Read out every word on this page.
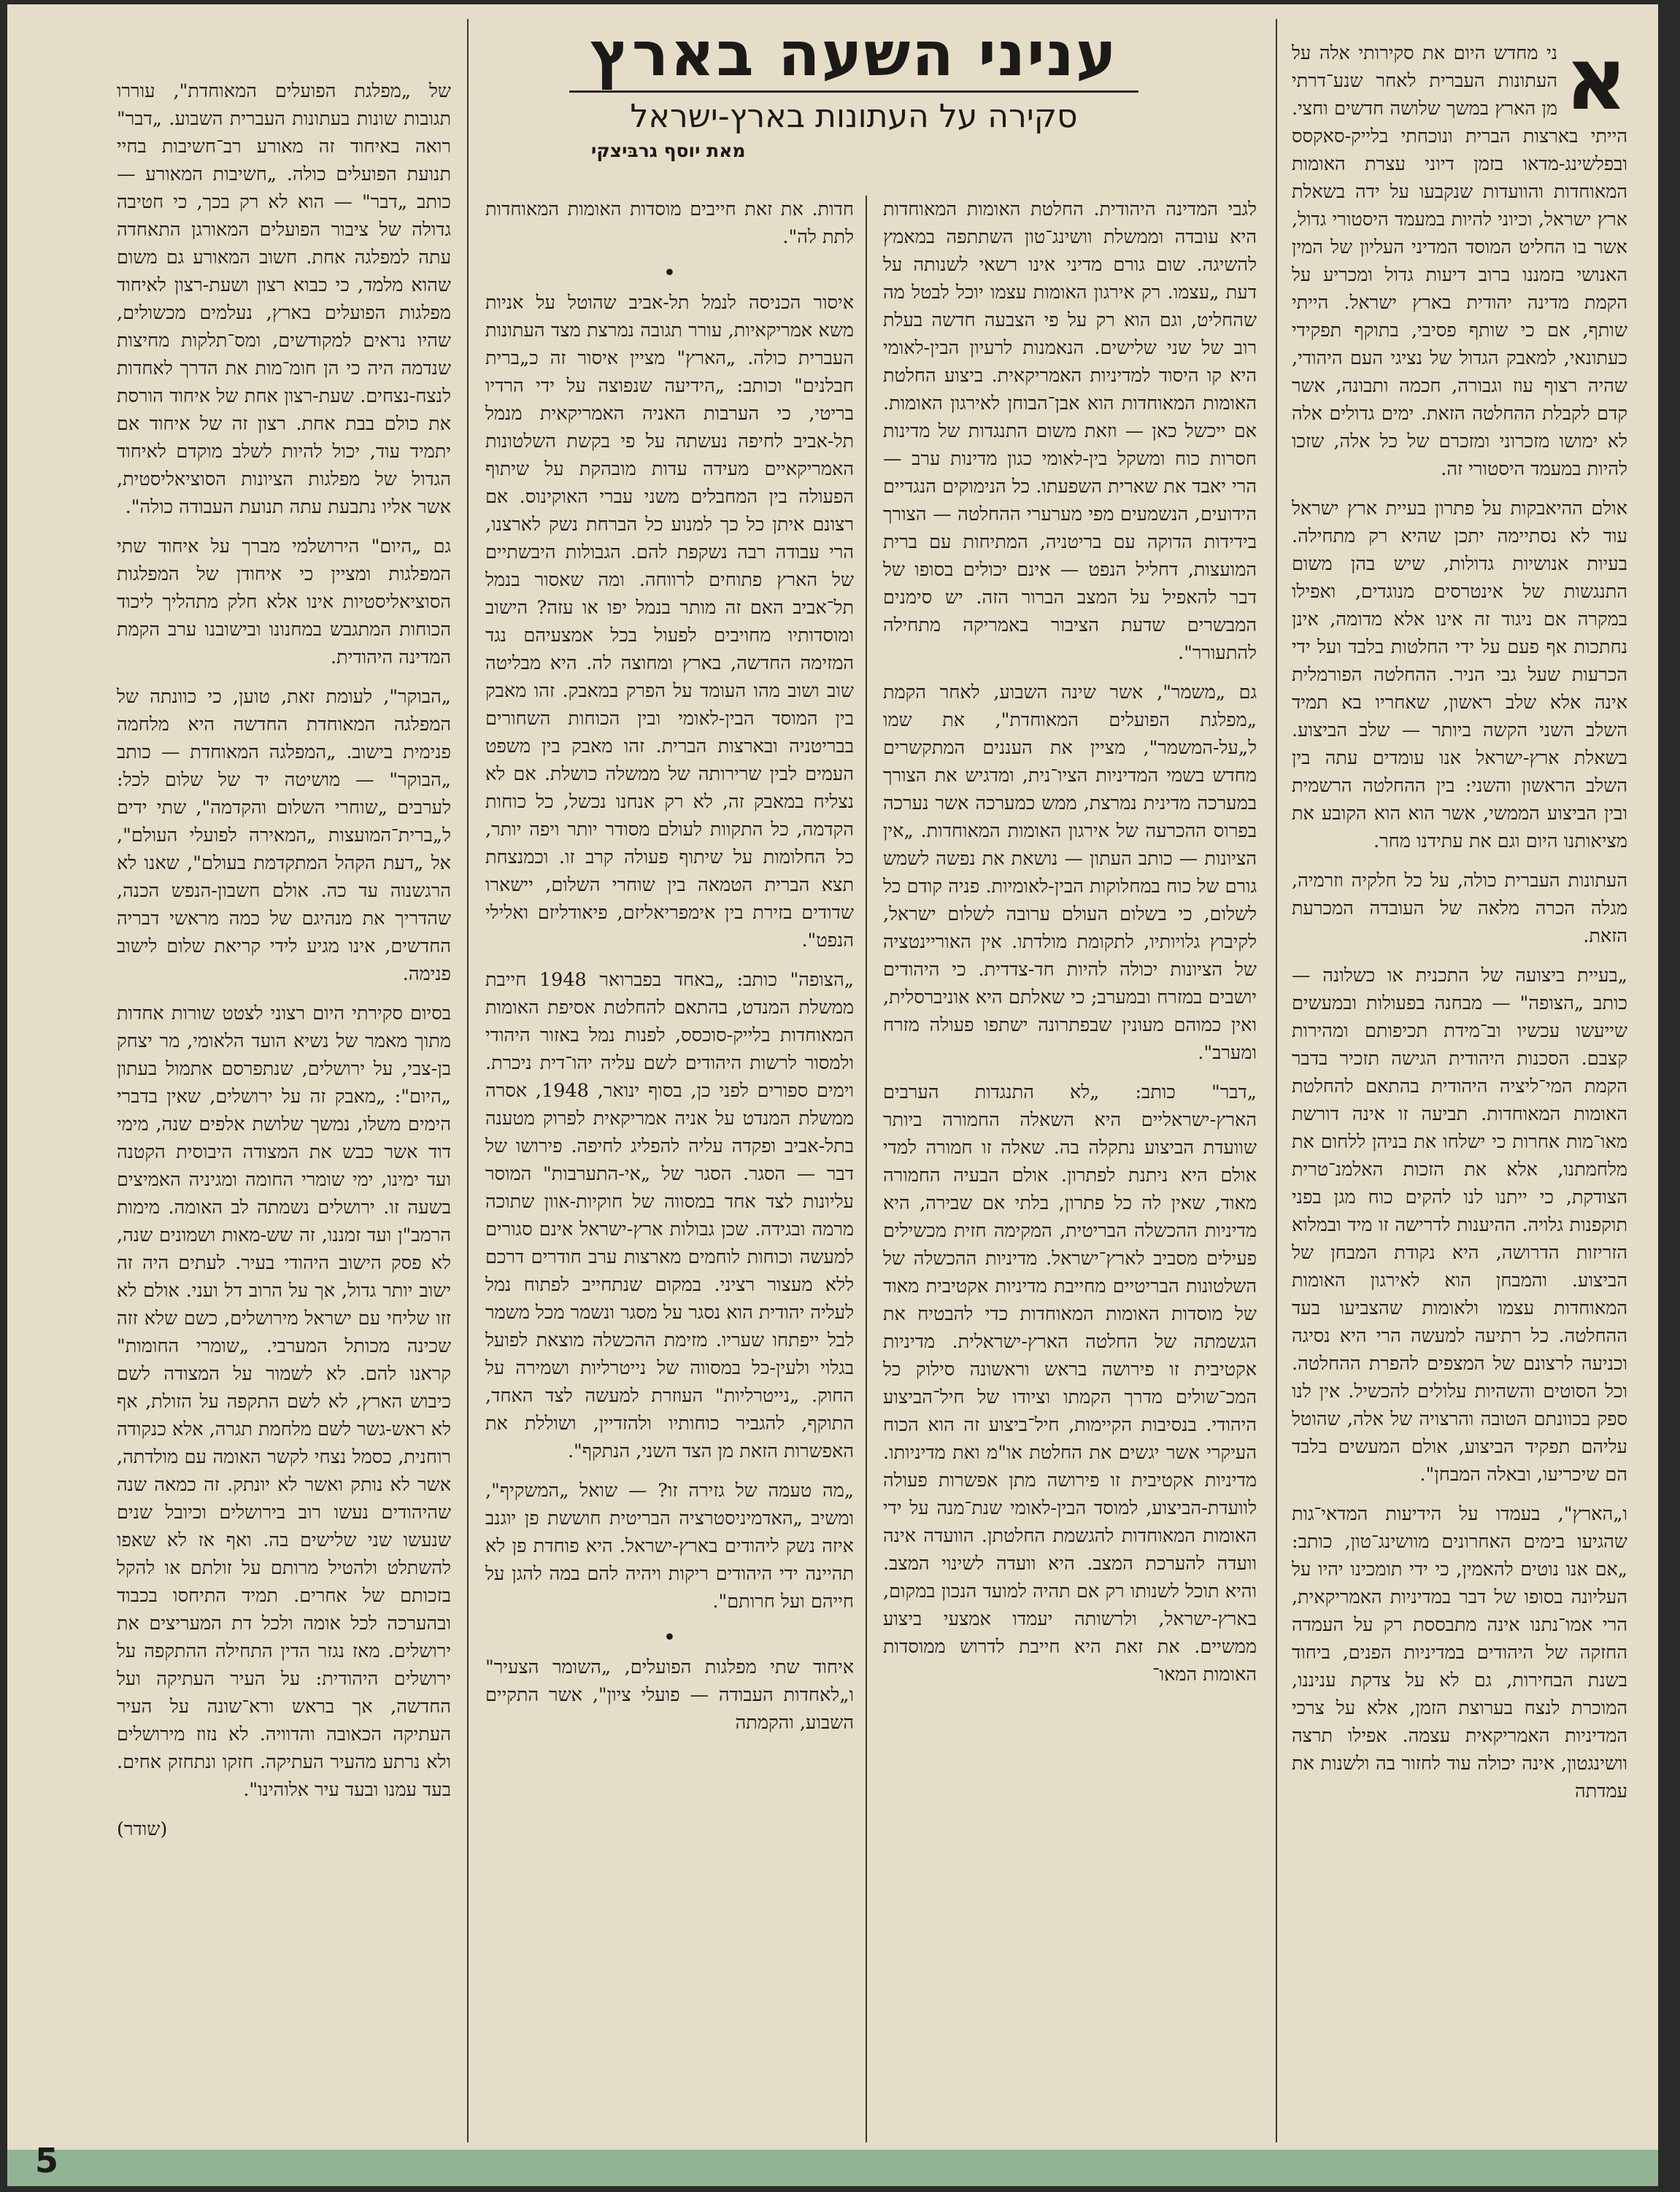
א

ני מחדש היום את סקירותי אלה על העתונות העברית לאחר שנע־דרתי מן הארץ במשך שלושה חדשים וחצי. הייתי בארצות הברית ונוכחתי בלייק-סאקסס ובפלשינג-מדאו בזמן דיוני עצרת האומות המאוחדות והוועדות שנקבעו על ידה בשאלת ארץ ישראל, וכיוני להיות במעמד היסטורי גדול, אשר בו החליט המוסד המדיני העליון של המין האנושי בזמננו ברוב דיעות גדול ומכריע על הקמת מדינה יהודית בארץ ישראל. הייתי שותף, אם כי שותף פסיבי, בתוקף תפקידי כעתונאי, למאבק הגדול של נציגי העם היהודי, שהיה רצוף עוז וגבורה, חכמה ותבונה, אשר קדם לקבלת ההחלטה הזאת. ימים גדולים אלה לא ימושו מזכרוני ומזכרם של כל אלה, שזכו להיות במעמד היסטורי זה.

אולם ההיאבקות על פתרון בעיית ארץ ישראל עוד לא נסתיימה יתכן שהיא רק מתחילה. בעיות אנושיות גדולות, שיש בהן משום התנגשות של אינטרסים מנוגדים, ואפילו במקרה אם ניגוד זה אינו אלא מדומה, אינן נחתכות אף פעם על ידי החלטות בלבד ועל ידי הכרעות שעל גבי הניר. ההחלטה הפורמלית אינה אלא שלב ראשון, שאחריו בא תמיד השלב השני הקשה ביותר — שלב הביצוע. בשאלת ארץ-ישראל אנו עומדים עתה בין השלב הראשון והשני: בין ההחלטה הרשמית ובין הביצוע הממשי, אשר הוא הוא הקובע את מציאותנו היום וגם את עתידנו מחר.

העתונות העברית כולה, על כל חלקיה וזרמיה, מגלה הכרה מלאה של העובדה המכרעת הזאת.

„בעיית ביצועה של התכנית או כשלונה — כותב „הצופה" — מבחנה בפעולות ובמעשים שייעשו עכשיו וב־מידת תכיפותם ומהירות קצבם. הסכנות היהודית הגישה תזכיר בדבר הקמת המי־ליציה היהודית בהתאם להחלטת האומות המאוחדות. תביעה זו אינה דורשת מאו־מות אחרות כי ישלחו את בניהן ללחום את מלחמתנו, אלא את הזכות האלמנ־טרית הצודקת, כי ייתנו לנו להקים כוח מגן בפני תוקפנות גלויה. ההיענות לדרישה זו מיד ובמלוא הזריזות הדרושה, היא נקודת המבחן של הביצוע. והמבחן הוא לאירגון האומות המאוחדות עצמו ולאומות שהצביעו בעד ההחלטה. כל רתיעה למעשה הרי היא נסיגה וכניעה לרצונם של המצפים להפרת ההחלטה. וכל הסוטים והשהיות עלולים להכשיל. אין לנו ספק בכוונתם הטובה והרצויה של אלה, שהוטל עליהם תפקיד הביצוע, אולם המעשים בלבד הם שיכריעו, ובאלה המבחן".

ו„הארץ", בעמדו על הידיעות המדאי־גות שהגיעו בימים האחרונים מוושינג־טון, כותב: „אם אנו נוטים להאמין, כי ידי תומכינו יהיו על העליונה בסופו של דבר במדיניות האמריקאית, הרי אמו־נתנו אינה מתבססת רק על העמדה החזקה של היהודים במדיניות הפנים, ביחוד בשנת הבחירות, גם לא על צדקת עניננו, המוכרת לנצח בערוצת הזמן, אלא על צרכי המדיניות האמריקאית עצמה. אפילו תרצה וושינגטון, אינה יכולה עוד לחזור בה ולשנות את עמדתה

עניני השעה בארץ
סקירה על העתונות בארץ-ישראל
מאת יוסף גרבּיצקי

לגבי המדינה היהודית. החלטת האומות המאוחדות היא עובדה וממשלת וושינג־טון השתתפה במאמץ להשיגה. שום גורם מדיני אינו רשאי לשנותה על דעת „עצמו. רק אירגון האומות עצמו יוכל לבטל מה שהחליט, וגם הוא רק על פי הצבעה חדשה בעלת רוב של שני שלישים. הנאמנות לרעיון הבין-לאומי היא קו היסוד למדיניות האמריקאית. ביצוע החלטת האומות המאוחדות הוא אבן־הבוחן לאירגון האומות. אם ייכשל כאן — וזאת משום התנגדות של מדינות חסרות כוח ומשקל בין-לאומי כגון מדינות ערב — הרי יאבד את שארית השפעתו. כל הנימוקים הנגדיים הידועים, הנשמעים מפי מערערי ההחלטה — הצורך בידידות הדוקה עם בריטניה, המתיחות עם ברית המועצות, דחליל הנפט — אינם יכולים בסופו של דבר להאפיל על המצב הברור הזה. יש סימנים המבשרים שדעת הציבור באמריקה מתחילה להתעורר".

גם „משמר", אשר שינה השבוע, לאחר הקמת „מפלגת הפועלים המאוחדת", את שמו ל„על-המשמר", מציין את העננים המתקשרים מחדש בשמי המדיניות הציו־נית, ומדגיש את הצורך במערכה מדינית נמרצת, ממש כמערכה אשר נערכה בפרוס ההכרעה של אירגון האומות המאוחדות. „אין הציונות — כותב העתון — נושאת את נפשה לשמש גורם של כוח במחלוקות הבין-לאומיות. פניה קודם כל לשלום, כי בשלום העולם ערובה לשלום ישראל, לקיבוץ גלויותיו, לתקומת מולדתו. אין האוריינטציה של הציונות יכולה להיות חד-צדדית. כי היהודים יושבים במזרח ובמערב; כי שאלתם היא אוניברסלית, ואין כמוהם מעונין שבפתרונה ישתפו פעולה מזרח ומערב".

„דבר" כותב: „לא התנגדות הערבים הארץ-ישראליים היא השאלה החמורה ביותר שוועדת הביצוע נתקלה בה. שאלה זו חמורה למדי אולם היא ניתנת לפתרון. אולם הבעיה החמורה מאוד, שאין לה כל פתרון, בלתי אם שבירה, היא מדיניות ההכשלה הבריטית, המקימה חזית מכשילים פעילים מסביב לארץ־ישראל. מדיניות ההכשלה של השלטונות הבריטיים מחייבת מדיניות אקטיבית מאוד של מוסדות האומות המאוחדות כדי להבטיח את הגשמתה של החלטה הארץ-ישראלית. מדיניות אקטיבית זו פירושה בראש וראשונה סילוק כל המכ־שולים מדרך הקמתו וציודו של חיל־הביצוע היהודי. בנסיבות הקיימות, חיל־ביצוע זה הוא הכוח העיקרי אשר יגשים את החלטת או"מ ואת מדיניותו. מדיניות אקטיבית זו פירושה מתן אפשרות פעולה לוועדת-הביצוע, למוסד הבין-לאומי שנת־מנה על ידי האומות המאוחדות להגשמת החלטתן. הוועדה אינה וועדה להערכת המצב. היא וועדה לשינוי המצב. והיא תוכל לשנותו רק אם תהיה למועד הנכון במקום, בארץ-ישראל, ולרשותה יעמדו אמצעי ביצוע ממשיים. את זאת היא חייבת לדרוש ממוסדות האומות המאו־

חדות. את זאת חייבים מוסדות האומות המאוחדות לתת לה".

•

איסור הכניסה לנמל תל-אביב שהוטל על אניות משא אמריקאיות, עורר תגובה נמרצת מצד העתונות העברית כולה. „הארץ" מציין איסור זה כ„ברית חבלנים" וכותב: „הידיעה שנפוצה על ידי הרדיו בריטי, כי הערבות האניה האמריקאית מנמל תל-אביב לחיפה נעשתה על פי בקשת השלטונות האמריקאיים מעידה עדות מובהקת על שיתוף הפעולה בין המחבלים משני עברי האוקינוס. אם רצונם איתן כל כך למנוע כל הברחת נשק לארצנו, הרי עבודה רבה נשקפת להם. הגבולות היבשתיים של הארץ פתוחים לרווחה. ומה שאסור בנמל תל־אביב האם זה מותר בנמל יפו או עזה? הישוב ומוסדותיו מחויבים לפעול בכל אמצעיהם נגד המזימה החדשה, בארץ ומחוצה לה. היא מבליטה שוב ושוב מהו העומד על הפרק במאבק. זהו מאבק בין המוסד הבין-לאומי ובין הכוחות השחורים בבריטניה ובארצות הברית. זהו מאבק בין משפט העמים לבין שרירותה של ממשלה כושלת. אם לא נצליח במאבק זה, לא רק אנחנו נכשל, כל כוחות הקדמה, כל התקוות לעולם מסודר יותר ויפה יותר, כל החלומות על שיתוף פעולה קרב זו. וכמנצחת תצא הברית הטמאה בין שוחרי השלום, יישארו שדודים בזירת בין אימפריאליזם, פיאודליזם ואלילי הנפט".

„הצופה" כותב: „באחד בפברואר 1948 חייבת ממשלת המנדט, בהתאם להחלטת אסיפת האומות המאוחדות בלייק-סוכסס, לפנות נמל באזור היהודי ולמסור לרשות היהודים לשם עליה יהו־דית ניכרת. וימים ספורים לפני כן, בסוף ינואר, 1948, אסרה ממשלת המנדט על אניה אמריקאית לפרוק מטענה בתל-אביב ופקדה עליה להפליג לחיפה. פירושו של דבר — הסגר. הסגר של „אי-התערבות" המוסר עליונות לצד אחד במסווה של חוקיות-אוון שתוכה מרמה ובגידה. שכן גבולות ארץ-ישראל אינם סגורים למעשה וכוחות לוחמים מארצות ערב חודרים דרכם ללא מעצור רציני. במקום שנתחייב לפתוח נמל לעליה יהודית הוא נסגר על מסגר ונשמר מכל משמר לבל ייפתחו שעריו. מזימת ההכשלה מוצאת לפועל בגלוי ולעין-כל במסווה של נייטרליות ושמירה על החוק. „נייטרליות" העוזרת למעשה לצד האחד, התוקף, להגביר כוחותיו ולהזדיין, ושוללת את האפשרות הזאת מן הצד השני, הנתקף".

„מה טעמה של גזירה זו? — שואל „המשקיף", ומשיב „האדמיניסטרציה הבריטית חוששת פן יוגנב איזה נשק ליהודים בארץ-ישראל. היא פוחדת פן לא תהיינה ידי היהודים ריקות ויהיה להם במה להגן על חייהם ועל חרותם".

•

איחוד שתי מפלגות הפועלים, „השומר הצעיר" ו„לאחדות העבודה — פועלי ציון", אשר התקיים השבוע, והקמתה

של „מפלגת הפועלים המאוחדת", עוררו תגובות שונות בעתונות העברית השבוע. „דבר" רואה באיחוד זה מאורע רב־חשיבות בחיי תנועת הפועלים כולה. „חשיבות המאורע — כותב „דבר" — הוא לא רק בכך, כי חטיבה גדולה של ציבור הפועלים המאורגן התאחדה עתה למפלגה אחת. חשוב המאורע גם משום שהוא מלמד, כי כבוא רצון ושעת-רצון לאיחוד מפלגות הפועלים בארץ, נעלמים מכשולים, שהיו נראים למקודשים, ומס־תלקות מחיצות שנדמה היה כי הן חומ־מות את הדרך לאחדות לנצח-נצחים. שעת-רצון אחת של איחוד הורסת את כולם בבת אחת. רצון זה של איחוד אם יתמיד עוד, יכול להיות לשלב מוקדם לאיחוד הגדול של מפלגות הציונות הסוציאליסטית, אשר אליו נתבעת עתה תנועת העבודה כולה".

גם „היום" הירושלמי מברך על איחוד שתי המפלגות ומציין כי איחודן של המפלגות הסוציאליסטיות אינו אלא חלק מתהליך ליכוד הכוחות המתגבש במחנונו ובישובנו ערב הקמת המדינה היהודית.

„הבוקר", לעומת זאת, טוען, כי כוונתה של המפלגה המאוחדת החדשה היא מלחמה פנימית בישוב. „המפלגה המאוחדת — כותב „הבוקר" — מושיטה יד של שלום לכל: לערבים „שוחרי השלום והקדמה", שתי ידים ל„ברית־המועצות „המאירה לפועלי העולם", אל „דעת הקהל המתקדמת בעולם", שאנו לא הרגשנוה עד כה. אולם חשבון-הנפש הכנה, שהדריך את מנהיגם של כמה מראשי דבריה החדשים, אינו מגיע לידי קריאת שלום לישוב פנימה.

בסיום סקירתי היום רצוני לצטט שורות אחדות מתוך מאמר של נשיא הועד הלאומי, מר יצחק בן-צבי, על ירושלים, שנתפרסם אתמול בעתון „היום": „מאבק זה על ירושלים, שאין בדברי הימים משלו, נמשך שלושת אלפים שנה, מימי דוד אשר כבש את המצודה היבוסית הקטנה ועד ימינו, ימי שומרי החומה ומגיניה האמיצים בשעה זו. ירושלים נשמתה לב האומה. מימות הרמב"ן ועד זמננו, זה שש-מאות ושמונים שנה, לא פסק הישוב היהודי בעיר. לעתים היה זה ישוב יותר גדול, אך על הרוב דל ועני. אולם לא זזו שליחי עם ישראל מירושלים, כשם שלא זזה שכינה מכותל המערבי. „שומרי החומות" קראנו להם. לא לשמור על המצודה לשם כיבוש הארץ, לא לשם התקפה על הזולת, אף לא ראש-גשר לשם מלחמת תגרה, אלא כנקודה רוחנית, כסמל נצחי לקשר האומה עם מולדתה, אשר לא נותק ואשר לא יונתק. זה כמאה שנה שהיהודים נעשו רוב בירושלים וכיובל שנים שנעשו שני שלישים בה. ואף אז לא שאפו להשתלט ולהטיל מרותם על זולתם או להקל בזכותם של אחרים. תמיד התיחסו בכבוד ובהערכה לכל אומה ולכל דת המעריצים את ירושלים. מאז נגזר הדין התחילה ההתקפה על ירושלים היהודית: על העיר העתיקה ועל החדשה, אך בראש ורא־שונה על העיר העתיקה הכאובה והדוויה. לא נזוז מירושלים ולא נרתע מהעיר העתיקה. חזקו ונתחזק אחים. בעד עמנו ובעד עיר אלוהינו".

(שודר)
5
